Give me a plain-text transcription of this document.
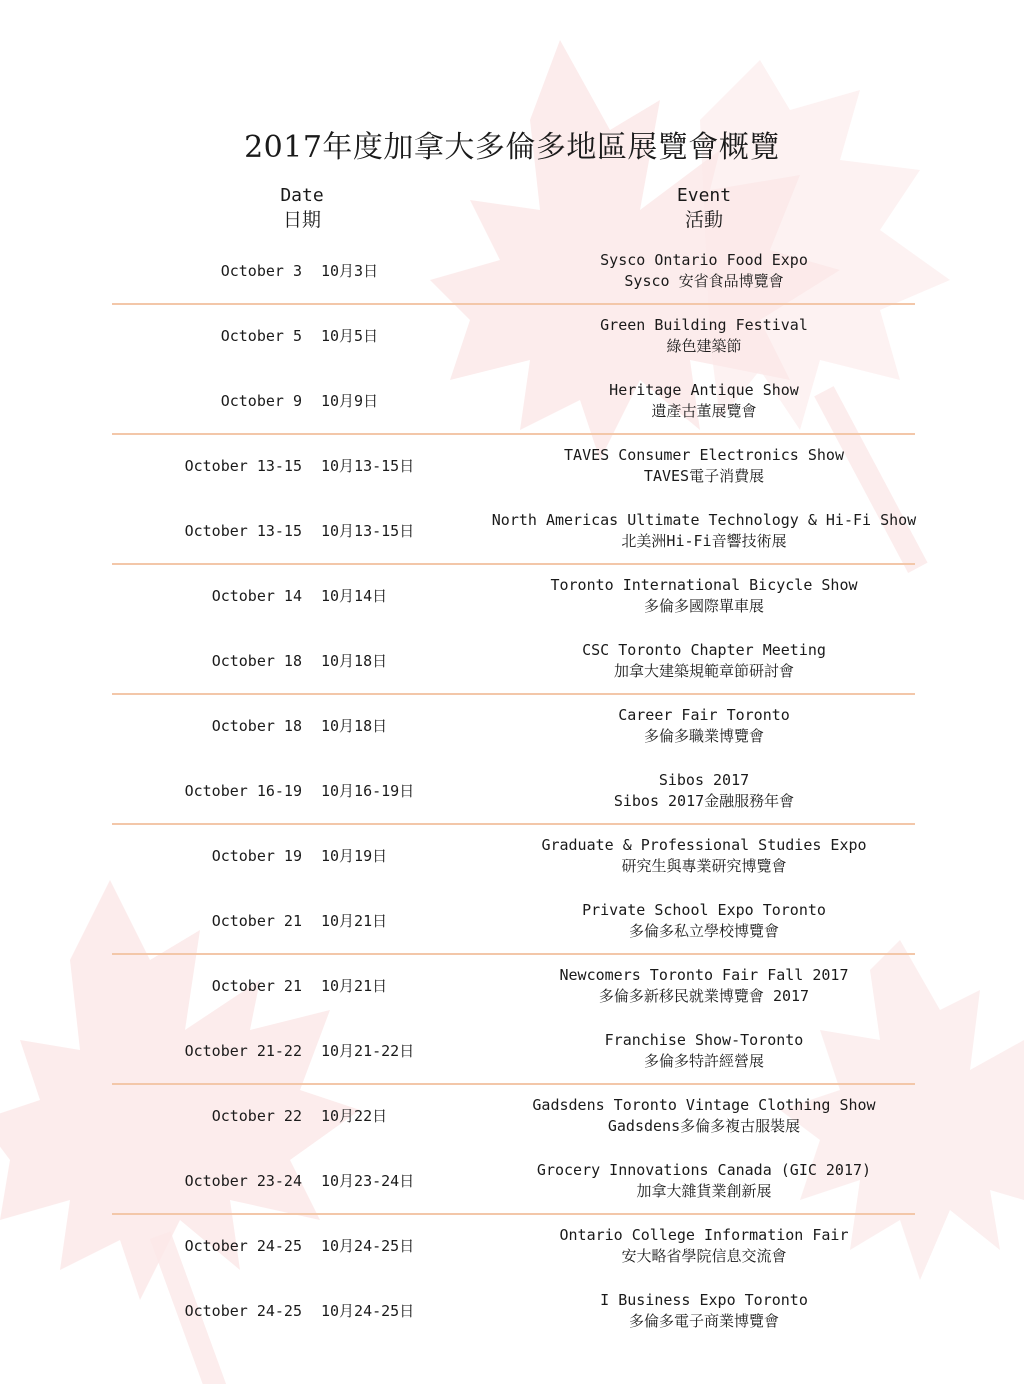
2017年度加拿大多倫多地區展覽會概覽
Date
日期
Event
活動
October 3 10月3日
Sysco Ontario Food Expo
Sysco 安省食品博覽會
October 5 10月5日
Green Building Festival
綠色建築節
October 9 10月9日
Heritage Antique Show
遺產古董展覽會
October 13-15 10月13-15日
TAVES Consumer Electronics Show
TAVES電子消費展
October 13-15 10月13-15日
North Americas Ultimate Technology & Hi-Fi Show
北美洲Hi-Fi音響技術展
October 14 10月14日
Toronto International Bicycle Show
多倫多國際單車展
October 18 10月18日
CSC Toronto Chapter Meeting
加拿大建築規範章節研討會
October 18 10月18日
Career Fair Toronto
多倫多職業博覽會
October 16-19 10月16-19日
Sibos 2017
Sibos 2017金融服務年會
October 19 10月19日
Graduate & Professional Studies Expo
研究生與專業研究博覽會
October 21 10月21日
Private School Expo Toronto
多倫多私立學校博覽會
October 21 10月21日
Newcomers Toronto Fair Fall 2017
多倫多新移民就業博覽會 2017
October 21-22 10月21-22日
Franchise Show-Toronto
多倫多特許經營展
October 22 10月22日
Gadsdens Toronto Vintage Clothing Show
Gadsdens多倫多複古服裝展
October 23-24 10月23-24日
Grocery Innovations Canada (GIC 2017)
加拿大雜貨業創新展
October 24-25 10月24-25日
Ontario College Information Fair
安大略省學院信息交流會
October 24-25 10月24-25日
I Business Expo Toronto
多倫多電子商業博覽會
